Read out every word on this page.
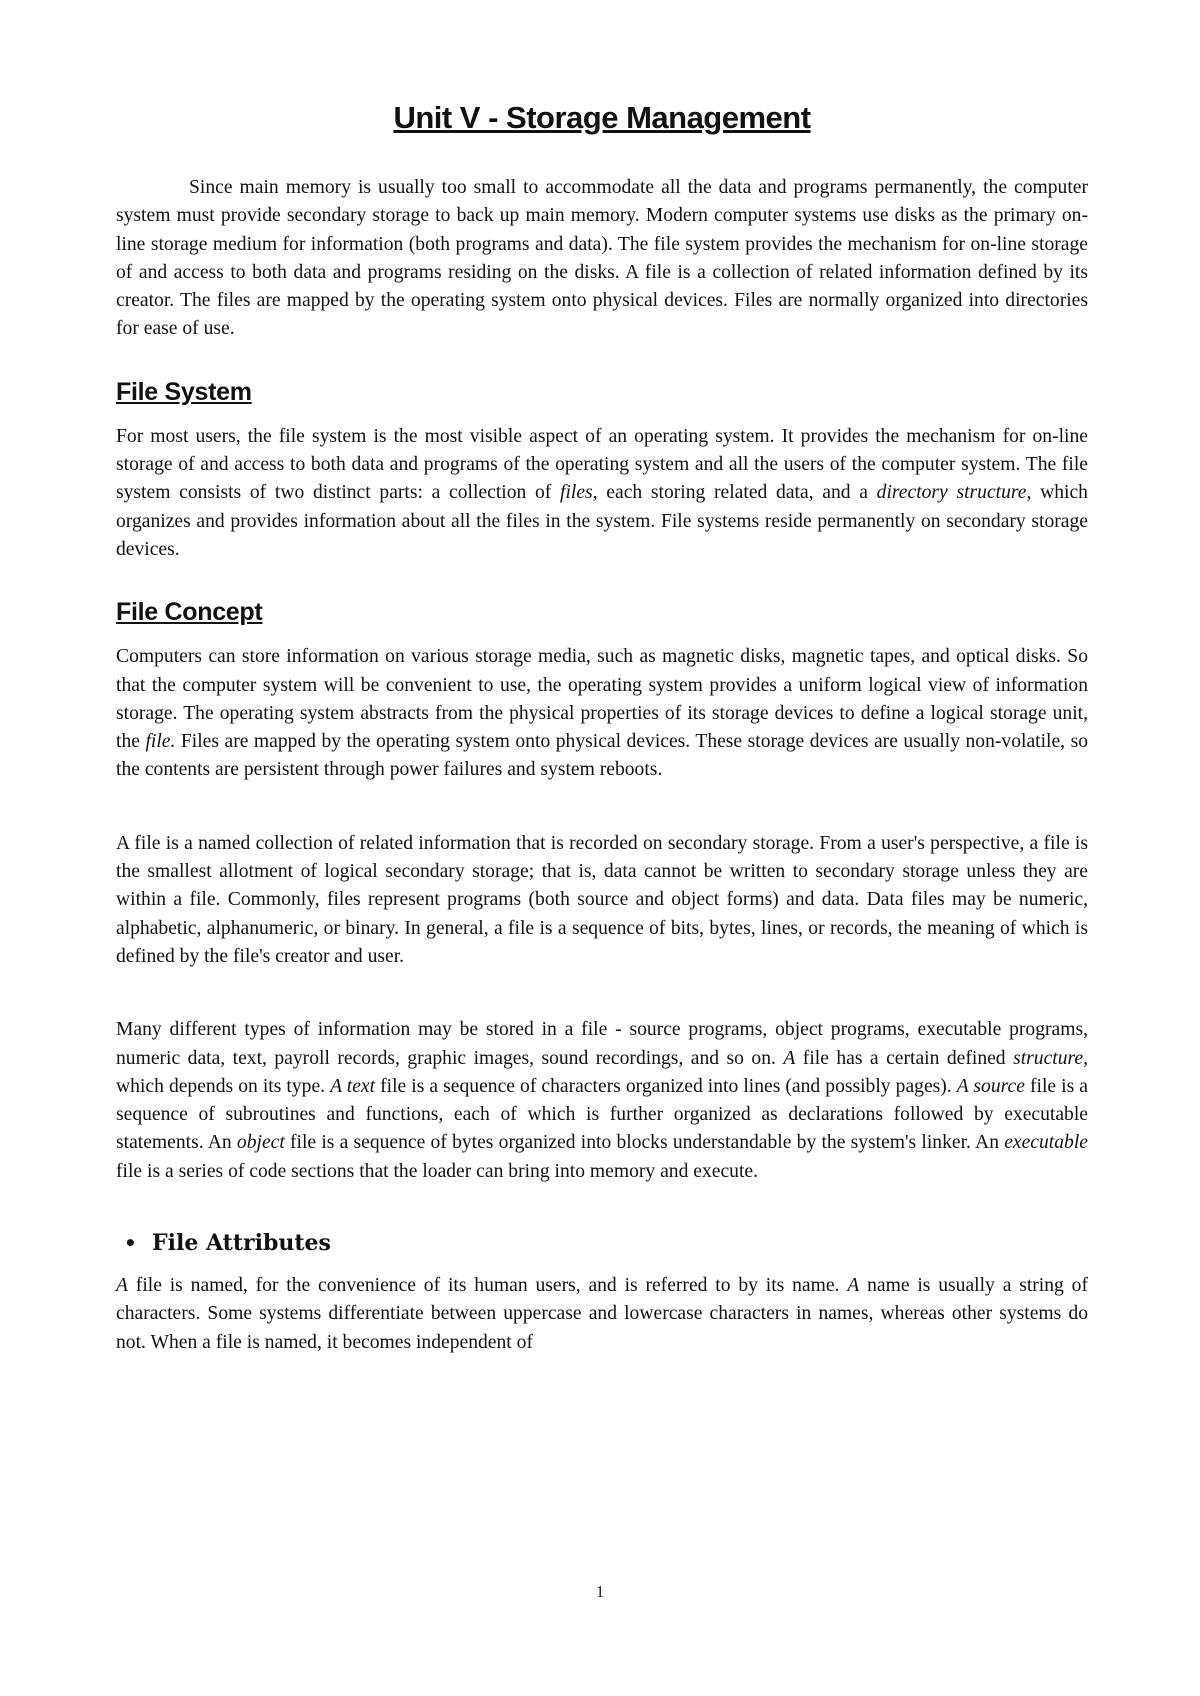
Unit V - Storage Management

Since main memory is usually too small to accommodate all the data and programs permanently, the computer system must provide secondary storage to back up main memory. Modern computer systems use disks as the primary on-line storage medium for information (both programs and data). The file system provides the mechanism for on-line storage of and access to both data and programs residing on the disks. A file is a collection of related information defined by its creator. The files are mapped by the operating system onto physical devices. Files are normally organized into directories for ease of use.

File System

For most users, the file system is the most visible aspect of an operating system. It provides the mechanism for on-line storage of and access to both data and programs of the operating system and all the users of the computer system. The file system consists of two distinct parts: a collection of files, each storing related data, and a directory structure, which organizes and provides information about all the files in the system. File systems reside permanently on secondary storage devices.

File Concept

Computers can store information on various storage media, such as magnetic disks, magnetic tapes, and optical disks. So that the computer system will be convenient to use, the operating system provides a uniform logical view of information storage. The operating system abstracts from the physical properties of its storage devices to define a logical storage unit, the file. Files are mapped by the operating system onto physical devices. These storage devices are usually non-volatile, so the contents are persistent through power failures and system reboots.

A file is a named collection of related information that is recorded on secondary storage. From a user's perspective, a file is the smallest allotment of logical secondary storage; that is, data cannot be written to secondary storage unless they are within a file. Commonly, files represent programs (both source and object forms) and data. Data files may be numeric, alphabetic, alphanumeric, or binary. In general, a file is a sequence of bits, bytes, lines, or records, the meaning of which is defined by the file's creator and user.

Many different types of information may be stored in a file - source programs, object programs, executable programs, numeric data, text, payroll records, graphic images, sound recordings, and so on. A file has a certain defined structure, which depends on its type. A text file is a sequence of characters organized into lines (and possibly pages). A source file is a sequence of subroutines and functions, each of which is further organized as declarations followed by executable statements. An object file is a sequence of bytes organized into blocks understandable by the system's linker. An executable file is a series of code sections that the loader can bring into memory and execute.

• File Attributes

A file is named, for the convenience of its human users, and is referred to by its name. A name is usually a string of characters. Some systems differentiate between uppercase and lowercase characters in names, whereas other systems do not. When a file is named, it becomes independent of

1
